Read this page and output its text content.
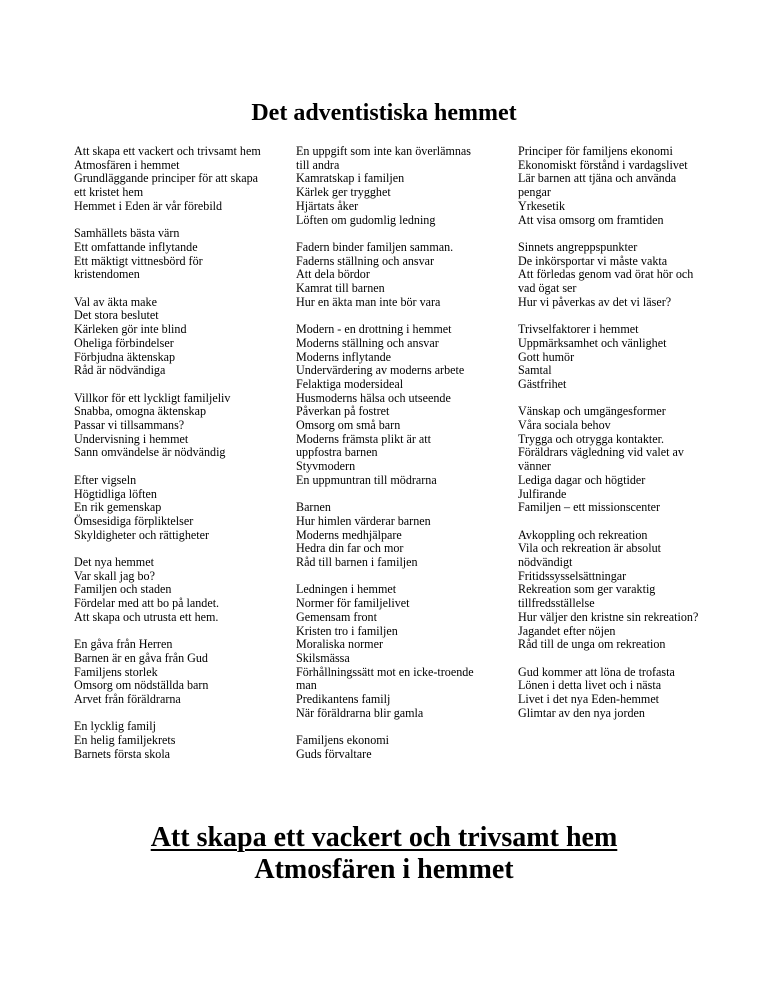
Det adventistiska hemmet
Att skapa ett vackert och trivsamt hem
Atmosfären i hemmet
Grundläggande principer för att skapa ett kristet hem
Hemmet i Eden är vår förebild
Samhällets bästa värn
Ett omfattande inflytande
Ett mäktigt vittnesbörd för kristendomen
Val av äkta make
Det stora beslutet
Kärleken gör inte blind
Oheliga förbindelser
Förbjudna äktenskap
Råd är nödvändiga
Villkor för ett lyckligt familjeliv
Snabba, omogna äktenskap
Passar vi tillsammans?
Undervisning i hemmet
Sann omvändelse är nödvändig
Efter vigseln
Högtidliga löften
En rik gemenskap
Ömsesidiga förpliktelser
Skyldigheter och rättigheter
Det nya hemmet
Var skall jag bo?
Familjen och staden
Fördelar med att bo på landet.
Att skapa och utrusta ett hem.
En gåva från Herren
Barnen är en gåva från Gud
Familjens storlek
Omsorg om nödställda barn
Arvet från föräldrarna
En lycklig familj
En helig familjekrets
Barnets första skola
En uppgift som inte kan överlämnas till andra
Kamratskap i familjen
Kärlek ger trygghet
Hjärtats åker
Löften om gudomlig ledning
Fadern binder familjen samman.
Faderns ställning och ansvar
Att dela bördor
Kamrat till barnen
Hur en äkta man inte bör vara
Modern - en drottning i hemmet
Moderns ställning och ansvar
Moderns inflytande
Undervärdering av moderns arbete
Felaktiga modersideal
Husmoderns hälsa och utseende
Påverkan på fostret
Omsorg om små barn
Moderns främsta plikt är att uppfostra barnen
Styvmodern
En uppmuntran till mödrarna
Barnen
Hur himlen värderar barnen
Moderns medhjälpare
Hedra din far och mor
Råd till barnen i familjen
Ledningen i hemmet
Normer för familjelivet
Gemensam front
Kristen tro i familjen
Moraliska normer
Skilsmässa
Förhållningssätt mot en icke-troende man
Predikantens familj
När föräldrarna blir gamla
Familjens ekonomi
Guds förvaltare
Principer för familjens ekonomi
Ekonomiskt förstånd i vardagslivet
Lär barnen att tjäna och använda pengar
Yrkesetik
Att visa omsorg om framtiden
Sinnets angreppspunkter
De inkörsportar vi måste vakta
Att förledas genom vad örat hör och vad ögat ser
Hur vi påverkas av det vi läser?
Trivselfaktorer i hemmet
Uppmärksamhet och vänlighet
Gott humör
Samtal
Gästfrihet
Vänskap och umgängesformer
Våra sociala behov
Trygga och otrygga kontakter.
Föräldrars vägledning vid valet av vänner
Lediga dagar och högtider
Julfirande
Familjen – ett missionscenter
Avkoppling och rekreation
Vila och rekreation är absolut nödvändigt
Fritidssysselsättningar
Rekreation som ger varaktig tillfredsställelse
Hur väljer den kristne sin rekreation?
Jagandet efter nöjen
Råd till de unga om rekreation
Gud kommer att löna de trofasta
Lönen i detta livet och i nästa
Livet i det nya Eden-hemmet
Glimtar av den nya jorden
Att skapa ett vackert och trivsamt hem
Atmosfären i hemmet
